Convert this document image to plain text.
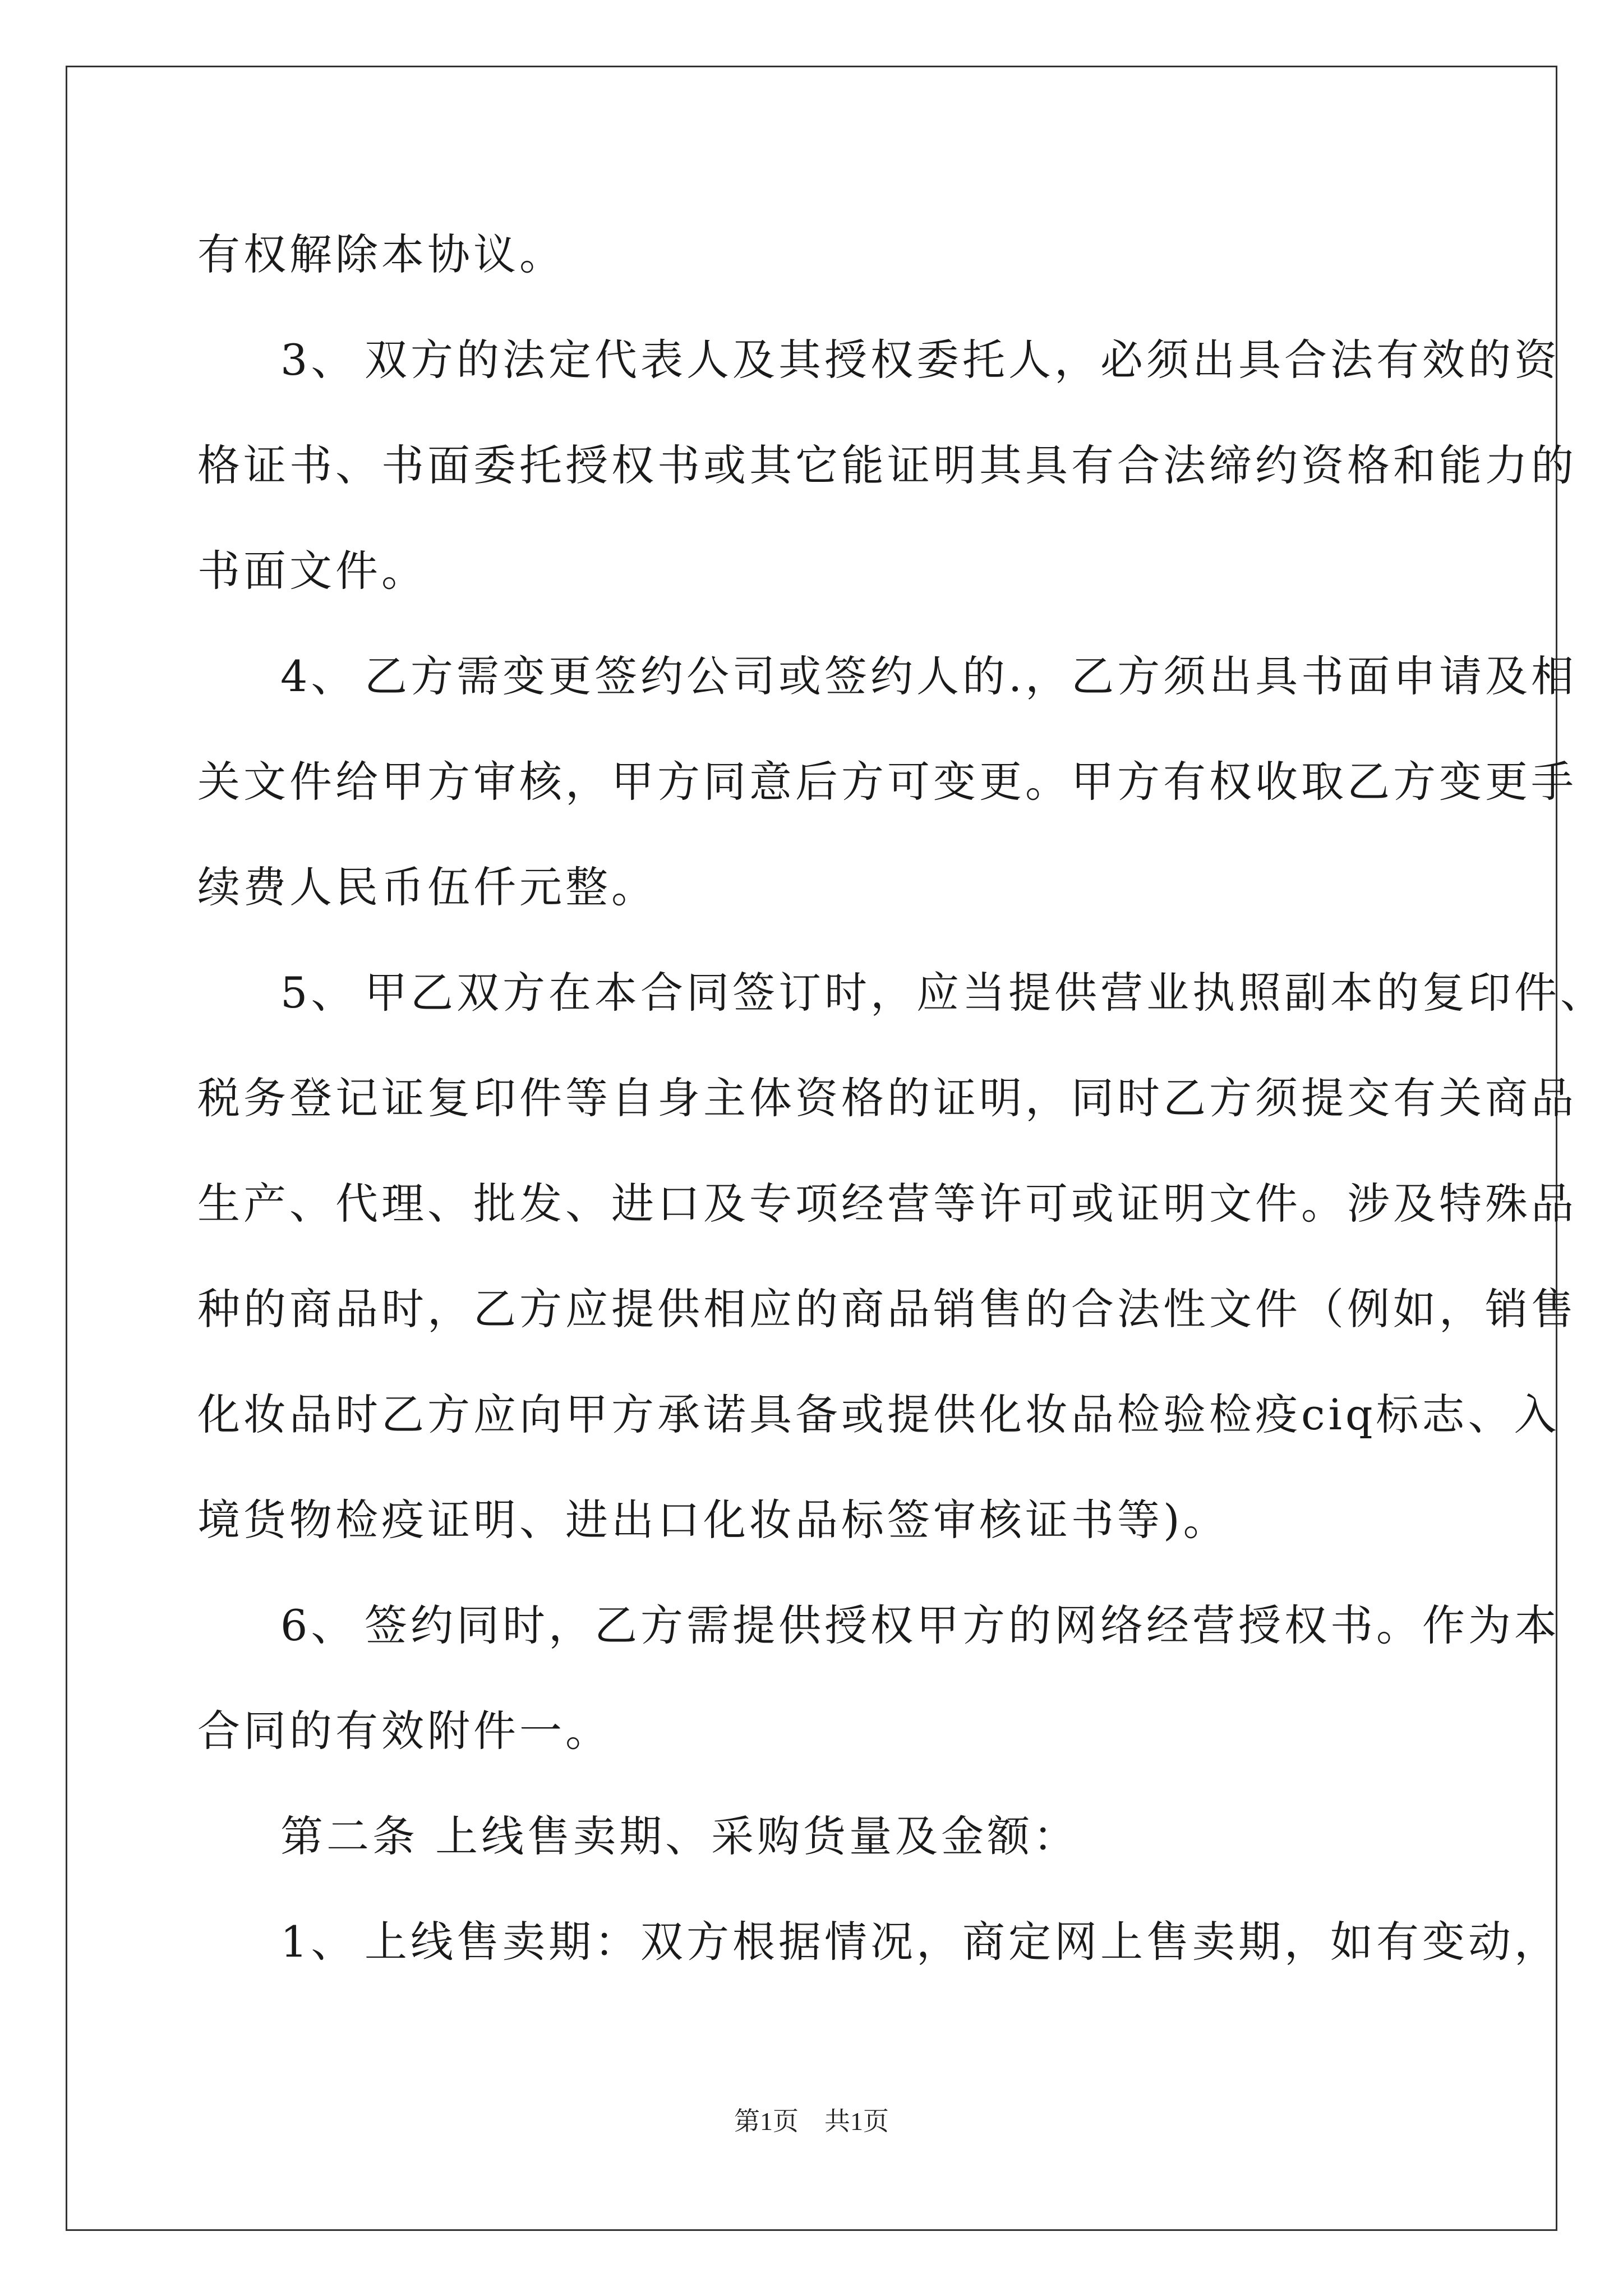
有权解除本协议。
3、 双方的法定代表人及其授权委托人，必须出具合法有效的资
格证书、书面委托授权书或其它能证明其具有合法缔约资格和能力的
书面文件。
4、 乙方需变更签约公司或签约人的.，乙方须出具书面申请及相
关文件给甲方审核，甲方同意后方可变更。甲方有权收取乙方变更手
续费人民币伍仟元整。
5、 甲乙双方在本合同签订时，应当提供营业执照副本的复印件、
税务登记证复印件等自身主体资格的证明，同时乙方须提交有关商品
生产、代理、批发、进口及专项经营等许可或证明文件。涉及特殊品
种的商品时，乙方应提供相应的商品销售的合法性文件（例如，销售
化妆品时乙方应向甲方承诺具备或提供化妆品检验检疫ciq标志、入
境货物检疫证明、进出口化妆品标签审核证书等)。
6、 签约同时，乙方需提供授权甲方的网络经营授权书。作为本
合同的有效附件一。
第二条 上线售卖期、采购货量及金额：
1、 上线售卖期：双方根据情况，商定网上售卖期，如有变动，
第1页 共1页
